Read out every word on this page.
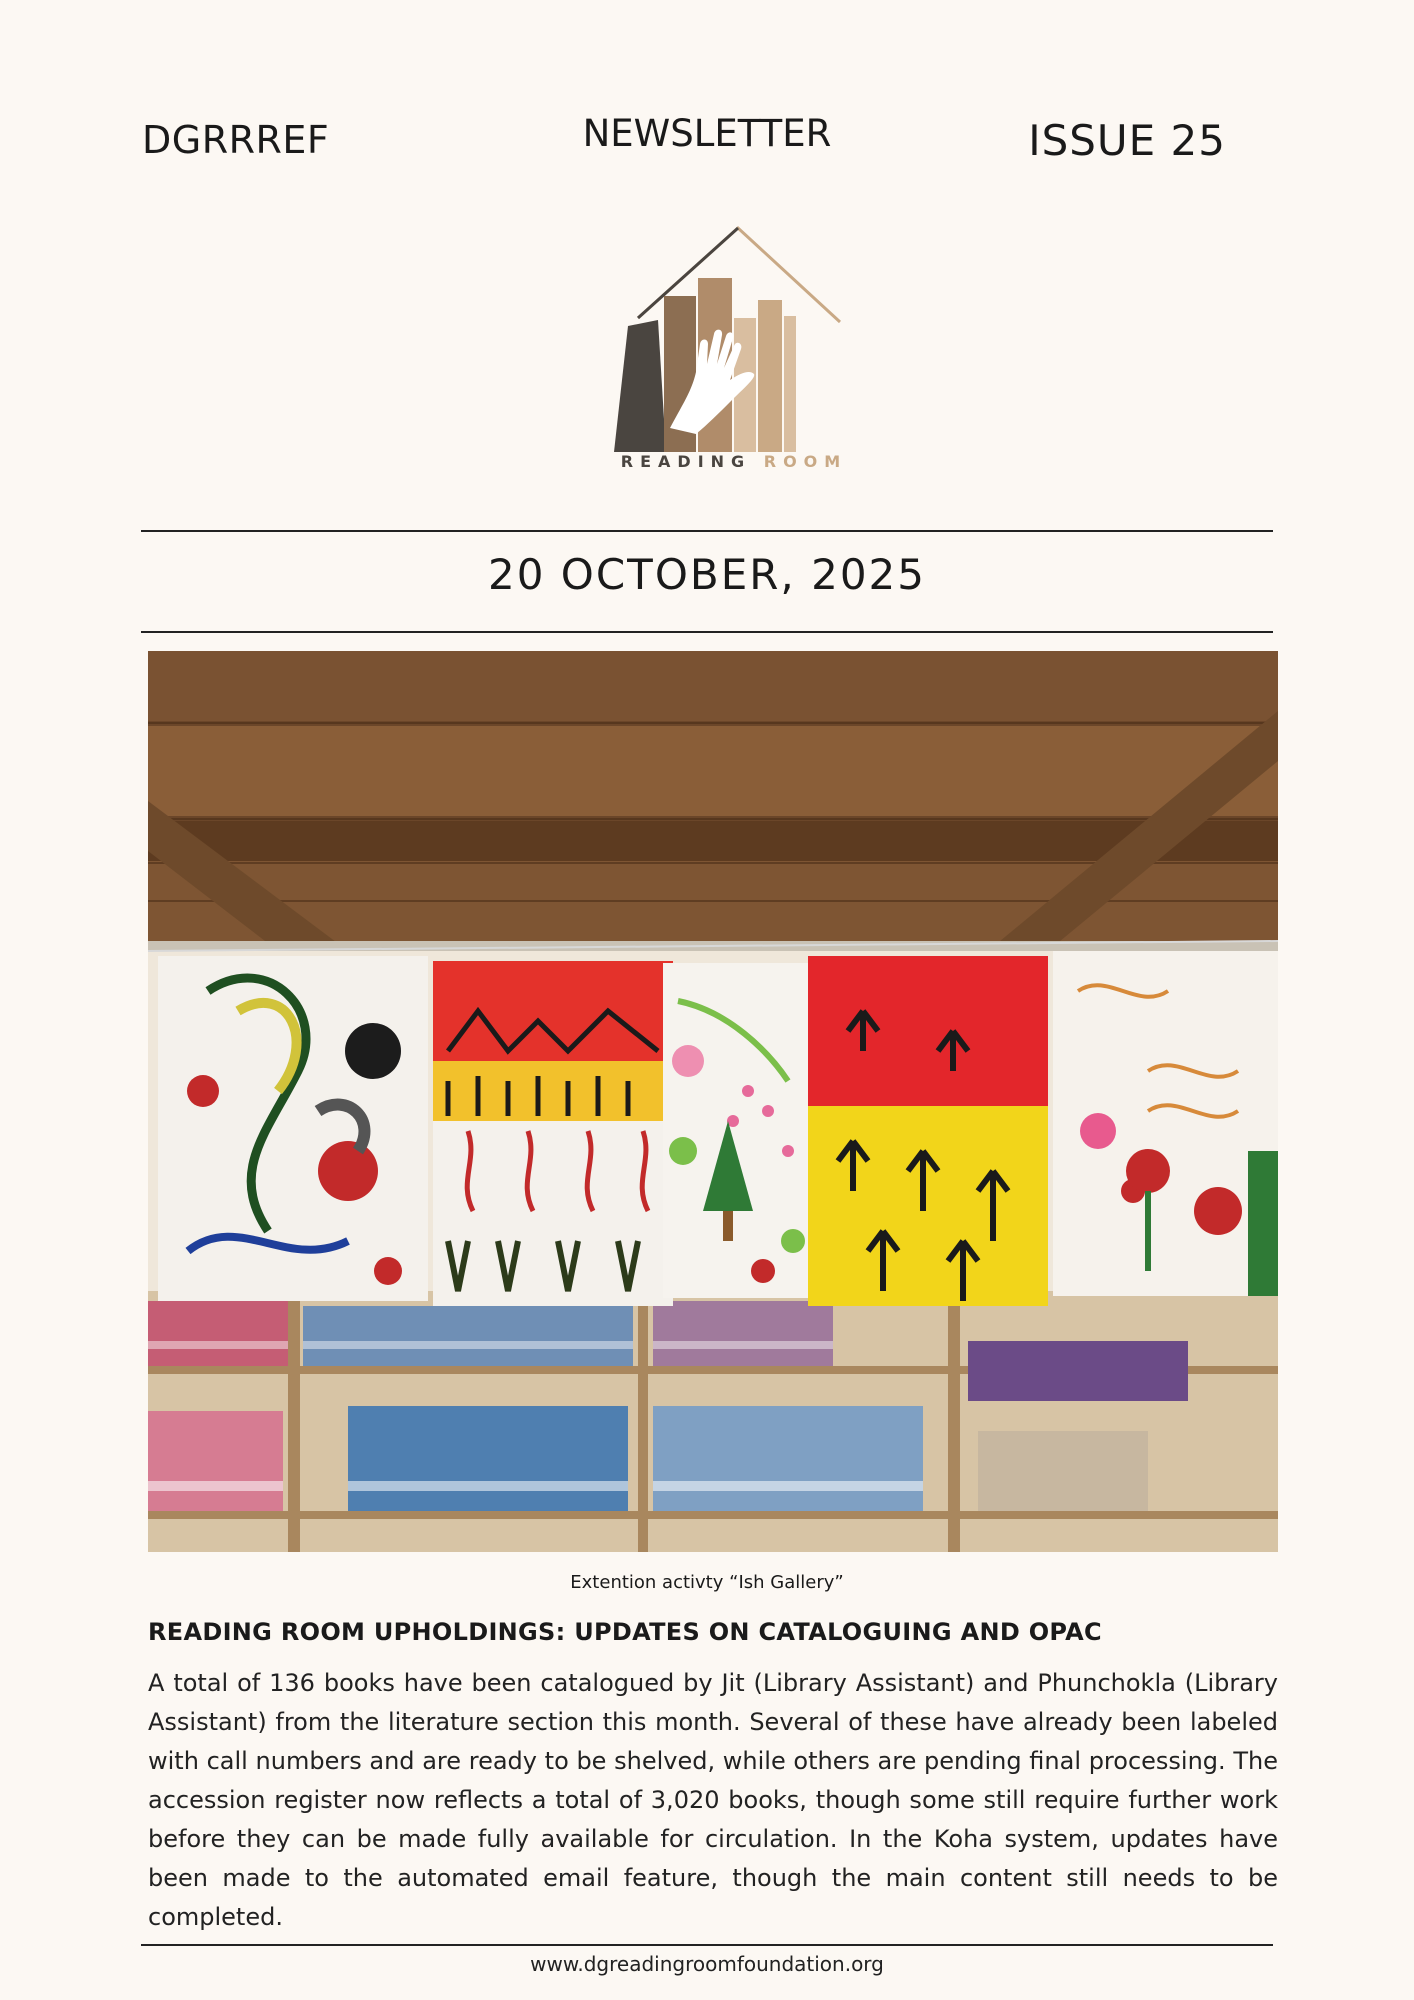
DGRRREF	NEWSLETTER	ISSUE 25
READING ROOM
20 OCTOBER, 2025
Extention activty “Ish Gallery”
READING ROOM UPHOLDINGS: UPDATES ON CATALOGUING AND OPAC
A total of 136 books have been catalogued by Jit (Library Assistant) and Phunchokla (Library Assistant) from the literature section this month. Several of these have already been labeled with call numbers and are ready to be shelved, while others are pending final processing. The accession register now reflects a total of 3,020 books, though some still require further work before they can be made fully available for circulation. In the Koha system, updates have been made to the automated email feature, though the main content still needs to be completed.
www.dgreadingroomfoundation.org
